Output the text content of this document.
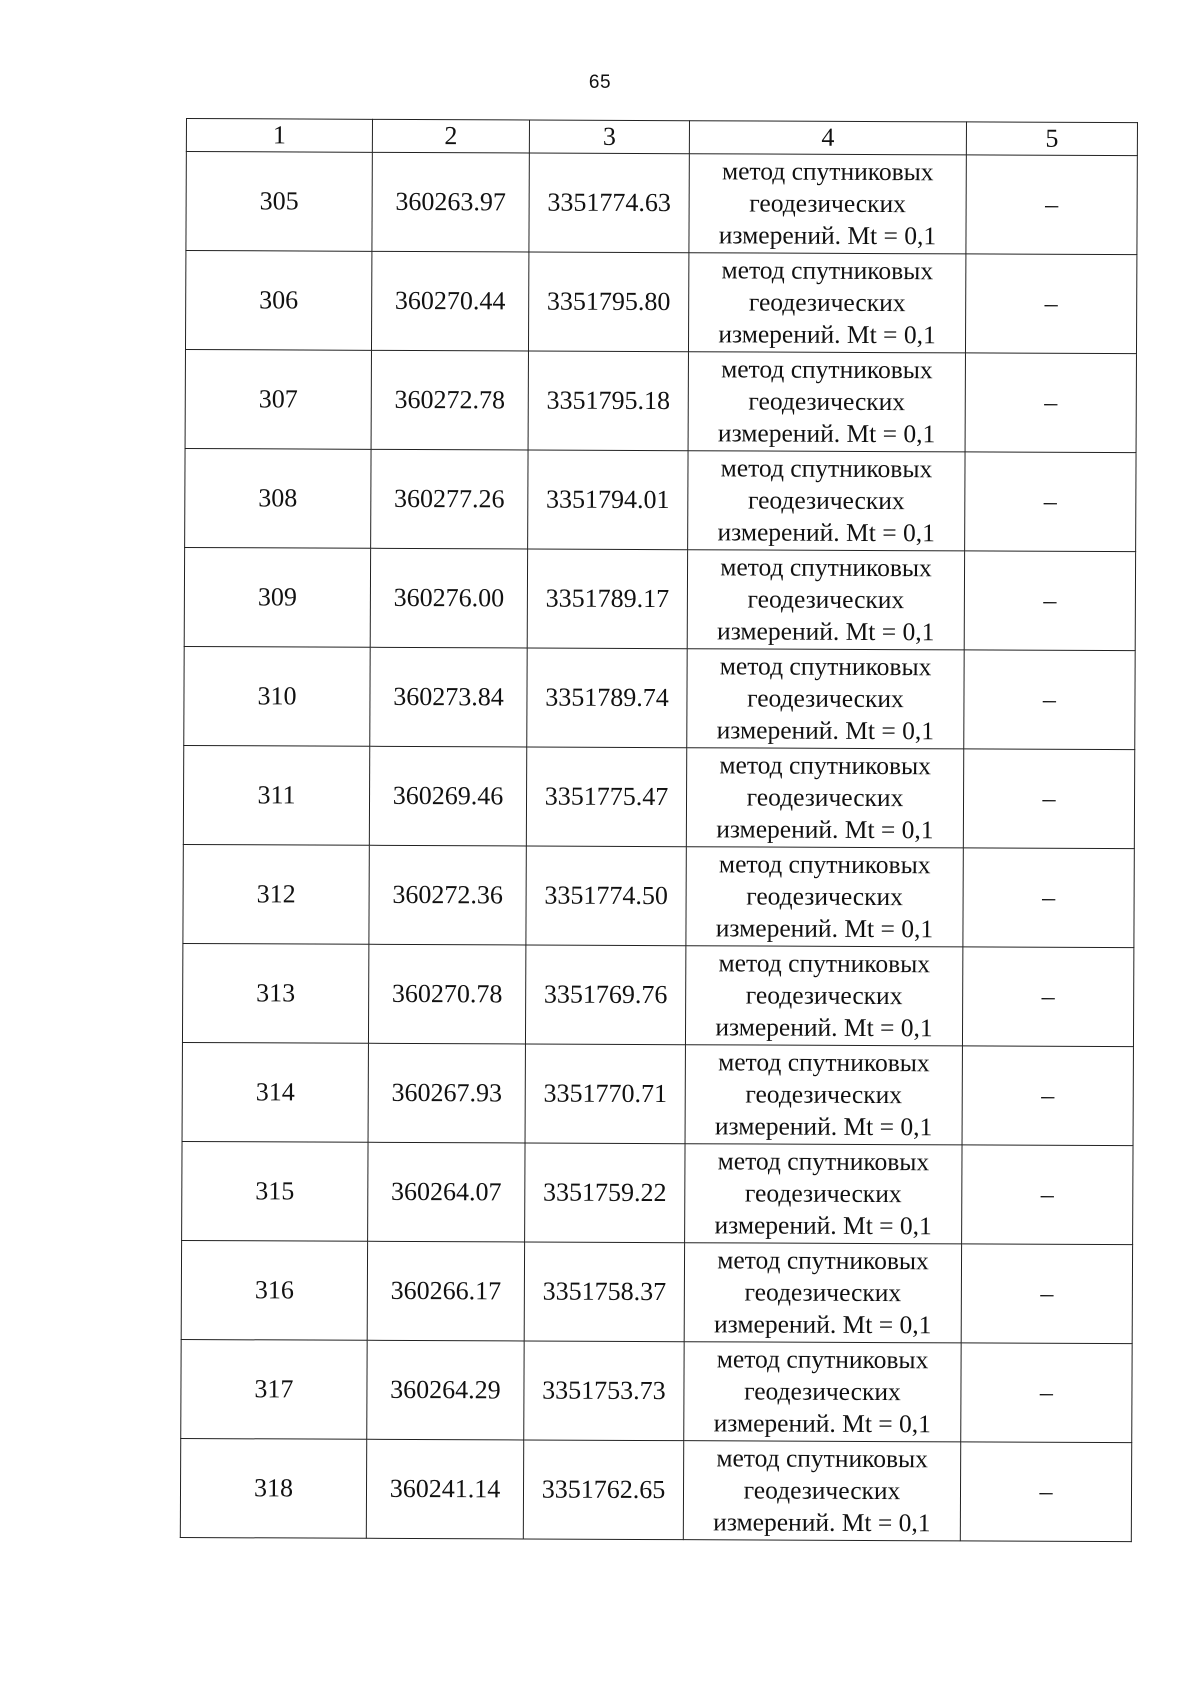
65
1	2	3	4	5
305	360263.97	3351774.63	метод спутниковых
геодезических
измерений. Mt = 0,1	–
306	360270.44	3351795.80	метод спутниковых
геодезических
измерений. Mt = 0,1	–
307	360272.78	3351795.18	метод спутниковых
геодезических
измерений. Mt = 0,1	–
308	360277.26	3351794.01	метод спутниковых
геодезических
измерений. Mt = 0,1	–
309	360276.00	3351789.17	метод спутниковых
геодезических
измерений. Mt = 0,1	–
310	360273.84	3351789.74	метод спутниковых
геодезических
измерений. Mt = 0,1	–
311	360269.46	3351775.47	метод спутниковых
геодезических
измерений. Mt = 0,1	–
312	360272.36	3351774.50	метод спутниковых
геодезических
измерений. Mt = 0,1	–
313	360270.78	3351769.76	метод спутниковых
геодезических
измерений. Mt = 0,1	–
314	360267.93	3351770.71	метод спутниковых
геодезических
измерений. Mt = 0,1	–
315	360264.07	3351759.22	метод спутниковых
геодезических
измерений. Mt = 0,1	–
316	360266.17	3351758.37	метод спутниковых
геодезических
измерений. Mt = 0,1	–
317	360264.29	3351753.73	метод спутниковых
геодезических
измерений. Mt = 0,1	–
318	360241.14	3351762.65	метод спутниковых
геодезических
измерений. Mt = 0,1	–
